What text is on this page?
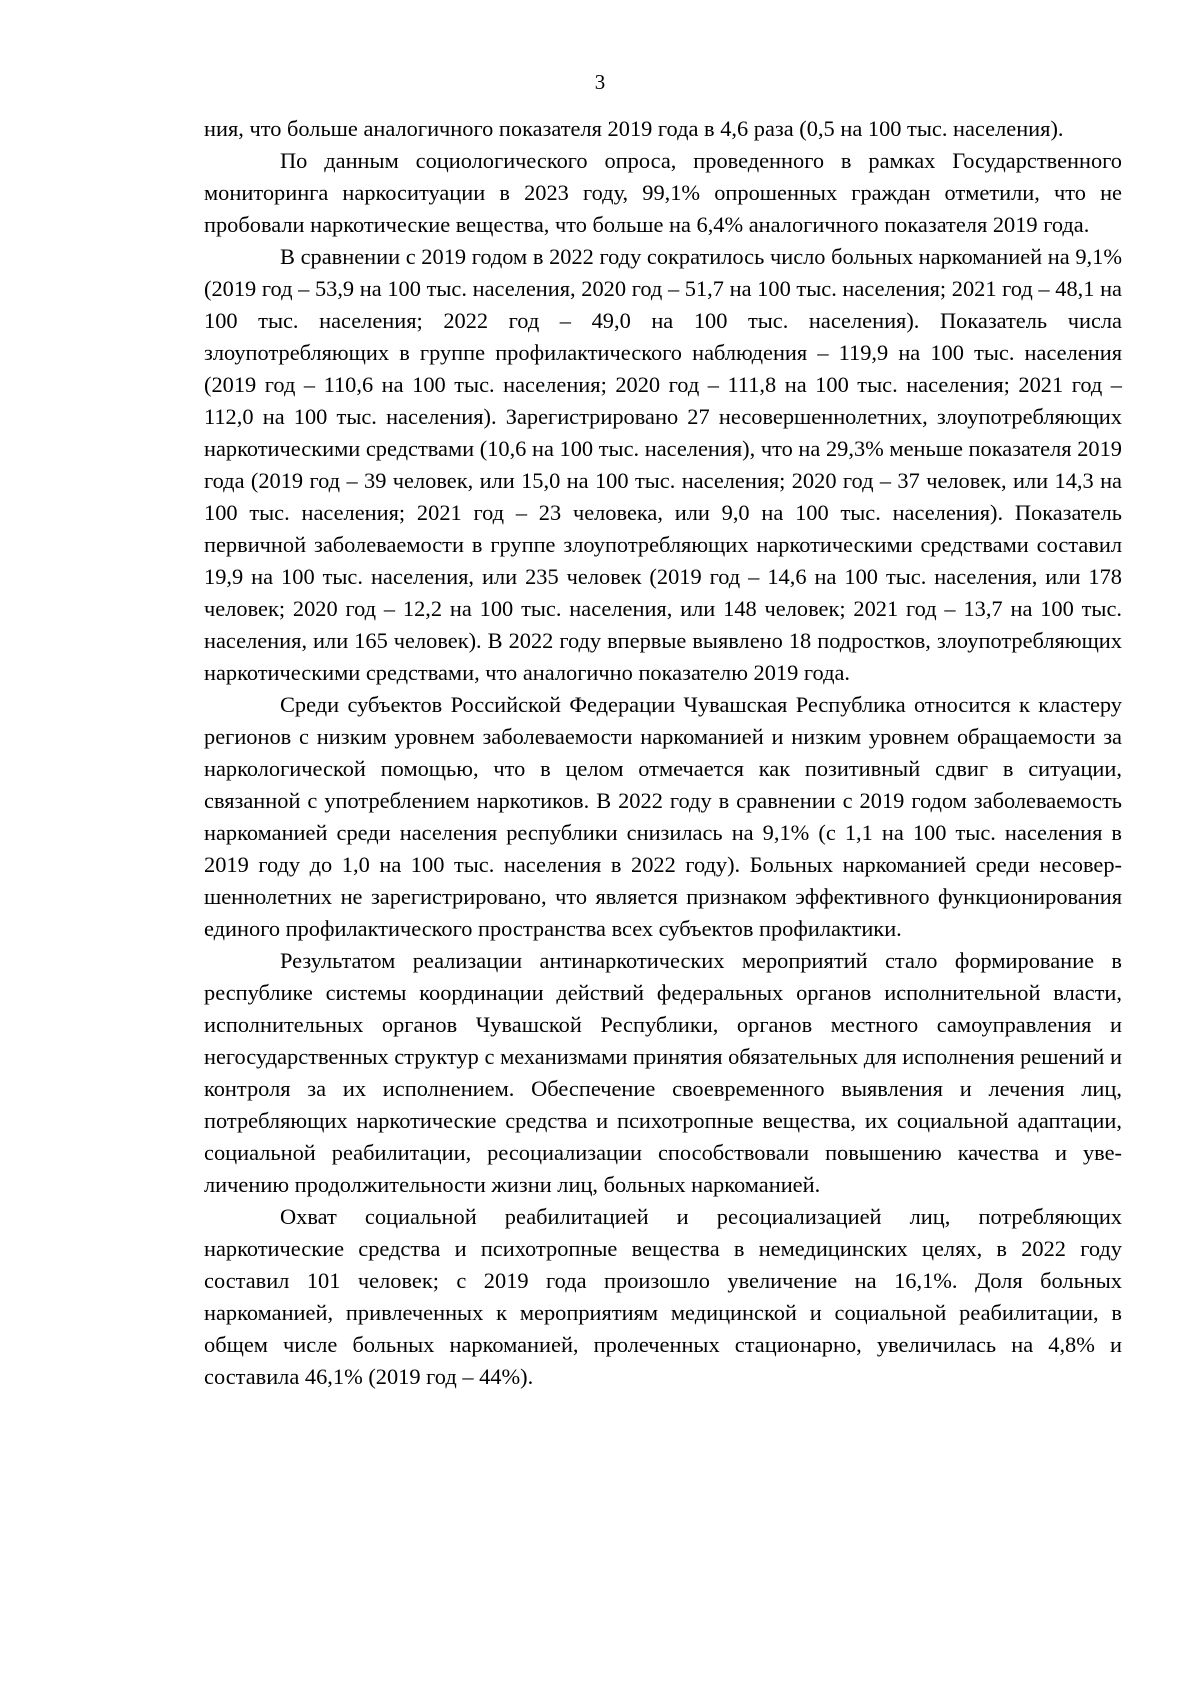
3

ния, что больше аналогичного показателя 2019 года в 4,6 раза (0,5 на 100 тыс. населения).

По данным социологического опроса, проведенного в рамках Государственного мониторинга наркоситуации в 2023 году, 99,1% опрошенных граждан отметили, что не пробовали наркотические вещества, что больше на 6,4% аналогичного показателя 2019 года.

В сравнении с 2019 годом в 2022 году сократилось число больных наркоманией на 9,1% (2019 год – 53,9 на 100 тыс. населения, 2020 год – 51,7 на 100 тыс. населения; 2021 год – 48,1 на 100 тыс. населения; 2022 год – 49,0 на 100 тыс. населения). Показатель числа злоупотребляющих в группе профилактического наблюдения – 119,9 на 100 тыс. населения (2019 год – 110,6 на 100 тыс. населения; 2020 год – 111,8 на 100 тыс. населения; 2021 год – 112,0 на 100 тыс. населения). Зарегистрировано 27 несовершеннолетних, злоупотребляющих наркотическими средствами (10,6 на 100 тыс. населения), что на 29,3% меньше показателя 2019 года (2019 год – 39 человек, или 15,0 на 100 тыс. населения; 2020 год – 37 человек, или 14,3 на 100 тыс. населения; 2021 год – 23 человека, или 9,0 на 100 тыс. населения). Показатель первичной заболеваемости в группе злоупотребляющих наркотическими средствами составил 19,9 на 100 тыс. населения, или 235 человек (2019 год – 14,6 на 100 тыс. населения, или 178 человек; 2020 год – 12,2 на 100 тыс. населения, или 148 человек; 2021 год – 13,7 на 100 тыс. населения, или 165 человек). В 2022 году впервые выявлено 18 подростков, злоупотребляющих наркотическими средствами, что аналогично показателю 2019 года.

Среди субъектов Российской Федерации Чувашская Республика относится к кластеру регионов с низким уровнем заболеваемости наркоманией и низким уровнем обращаемости за наркологической помощью, что в целом отмечается как позитивный сдвиг в ситуации, связанной с употреблением наркотиков. В 2022 году в сравнении с 2019 годом заболеваемость наркоманией среди населения республики снизилась на 9,1% (с 1,1 на 100 тыс. населения в 2019 году до 1,0 на 100 тыс. населения в 2022 году). Больных наркоманией среди несовершеннолетних не зарегистрировано, что является признаком эффективного функционирования единого профилактического пространства всех субъектов профилактики.

Результатом реализации антинаркотических мероприятий стало формирование в республике системы координации действий федеральных органов исполнительной власти, исполнительных органов Чувашской Республики, органов местного самоуправления и негосударственных структур с механизмами принятия обязательных для исполнения решений и контроля за их исполнением. Обеспечение своевременного выявления и лечения лиц, потребляющих наркотические средства и психотропные вещества, их социальной адаптации, социальной реабилитации, ресоциализации способствовали повышению качества и увеличению продолжительности жизни лиц, больных наркоманией.

Охват социальной реабилитацией и ресоциализацией лиц, потребляющих наркотические средства и психотропные вещества в немедицинских целях, в 2022 году составил 101 человек; с 2019 года произошло увеличение на 16,1%. Доля больных наркоманией, привлеченных к мероприятиям медицинской и социальной реабилитации, в общем числе больных наркоманией, пролеченных стационарно, увеличилась на 4,8% и составила 46,1% (2019 год – 44%).
